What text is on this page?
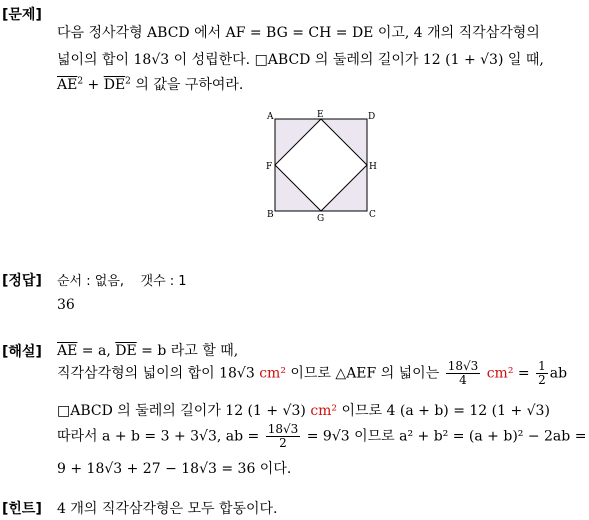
[문제]
다음 정사각형 ABCD 에서 AF = BG = CH = DE 이고, 4 개의 직각삼각형의
넓이의 합이 18√3 이 성립한다. □ABCD 의 둘레의 길이가 12 (1 + √3) 일 때,
$\overline{AE}^2 + \overline{DE}^2$ 의 값을 구하여라.
A	E	D
F	H
B	G	C
[정답] 순서 : 없음, 갯수 : 1
36
[해설] $\overline{AE} = a$, $\overline{DE} = b$ 라고 할 때,
직각삼각형의 넓이의 합이 18√3 cm² 이므로 △AEF 의 넓이는 $\frac{18√3}{4} cm^2 = \frac{1}{2}$ ab
□ABCD 의 둘레의 길이가 12 (1 + √3) cm² 이므로 4 (a + b) = 12 (1 + √3)
따라서 a + b = 3 + 3√3, ab = $\frac{18√3}{2} = 9√3$ 이므로 a² + b² = (a + b)² − 2ab =
9 + 18√3 + 27 − 18√3 = 36 이다.
[힌트] 4 개의 직각삼각형은 모두 합동이다.
